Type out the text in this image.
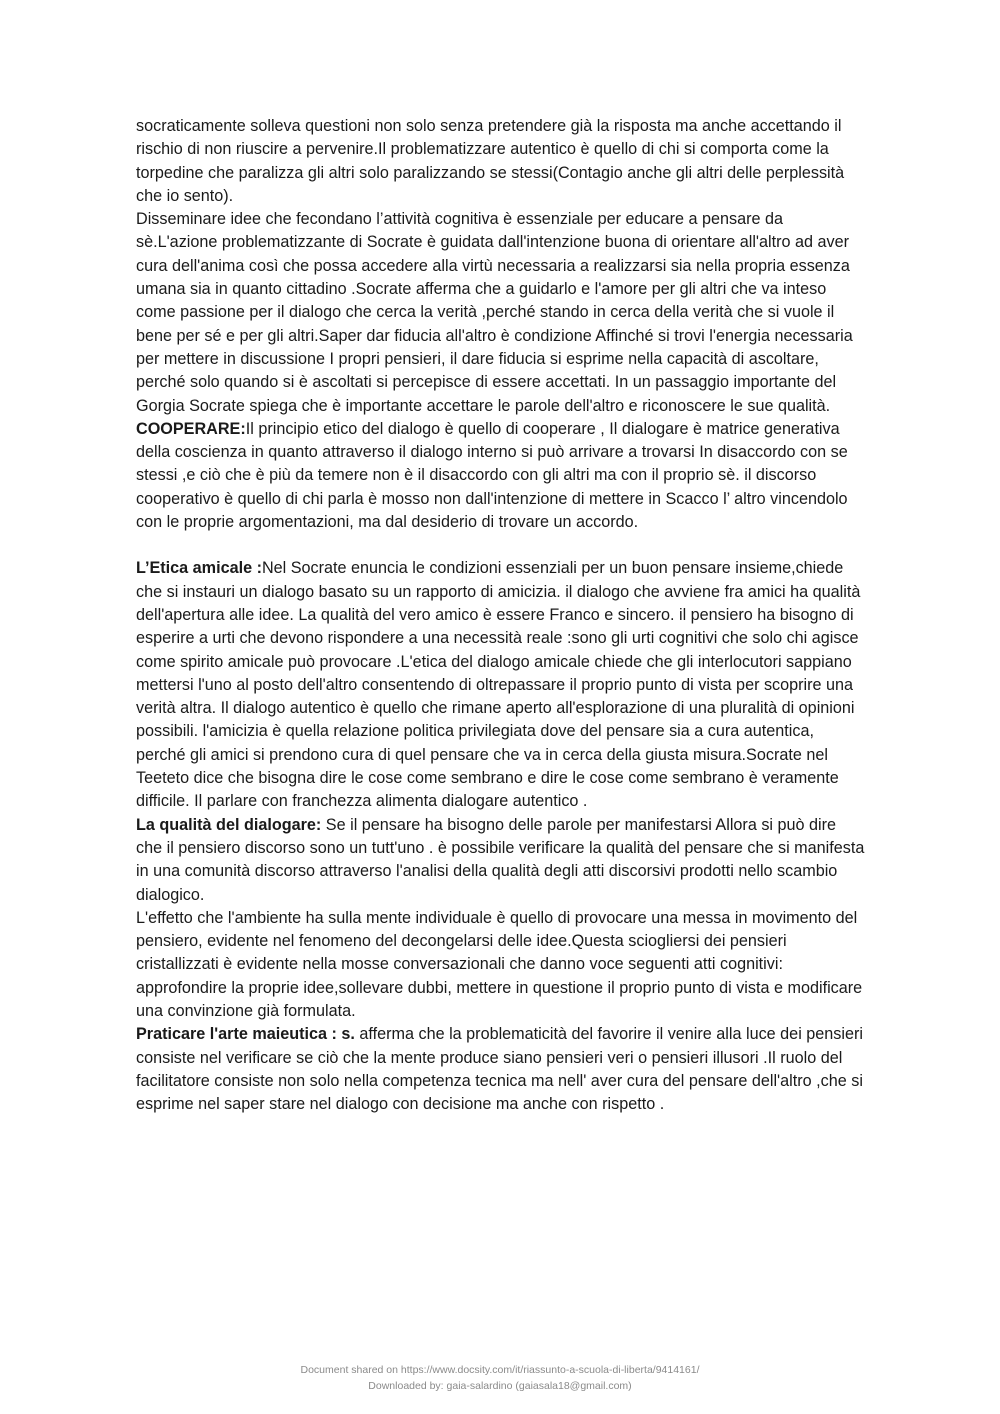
socraticamente solleva questioni non solo senza pretendere già la risposta ma anche accettando il rischio di non riuscire a pervenire.Il problematizzare autentico è quello di chi si comporta come la torpedine che paralizza gli altri solo paralizzando se stessi(Contagio anche gli altri delle perplessità che io sento).

Disseminare idee che fecondano l’attività cognitiva è essenziale per educare a pensare da sè.L'azione problematizzante di Socrate è guidata dall'intenzione buona di orientare all'altro ad aver cura dell'anima così che possa accedere alla virtù necessaria a realizzarsi sia nella propria essenza umana sia in quanto cittadino .Socrate afferma che a guidarlo e l'amore per gli altri che va inteso come passione per il dialogo che cerca la verità ,perché stando in cerca della verità che si vuole il bene per sé e per gli altri.Saper dar fiducia all'altro è condizione Affinché si trovi l'energia necessaria per mettere in discussione I propri pensieri, il dare fiducia si esprime nella capacità di ascoltare, perché solo quando si è ascoltati si percepisce di essere accettati. In un passaggio importante del Gorgia Socrate spiega che è importante accettare le parole dell'altro e riconoscere le sue qualità.

COOPERARE:Il principio etico del dialogo è quello di cooperare , Il dialogare è matrice generativa della coscienza in quanto attraverso il dialogo interno si può arrivare a trovarsi In disaccordo con se stessi ,e ciò che è più da temere non è il disaccordo con gli altri ma con il proprio sè. il discorso cooperativo è quello di chi parla è mosso non dall'intenzione di mettere in Scacco l’ altro vincendolo con le proprie argomentazioni, ma dal desiderio di trovare un accordo.

L’Etica amicale :Nel Socrate enuncia le condizioni essenziali per un buon pensare insieme,chiede che si instauri un dialogo basato su un rapporto di amicizia. il dialogo che avviene fra amici ha qualità dell'apertura alle idee. La qualità del vero amico è essere Franco e sincero. il pensiero ha bisogno di esperire a urti che devono rispondere a una necessità reale :sono gli urti cognitivi che solo chi agisce come spirito amicale può provocare .L'etica del dialogo amicale chiede che gli interlocutori sappiano mettersi l'uno al posto dell'altro consentendo di oltrepassare il proprio punto di vista per scoprire una verità altra. Il dialogo autentico è quello che rimane aperto all'esplorazione di una pluralità di opinioni possibili. l'amicizia è quella relazione politica privilegiata dove del pensare sia a cura autentica, perché gli amici si prendono cura di quel pensare che va in cerca della giusta misura.Socrate nel Teeteto dice che bisogna dire le cose come sembrano e dire le cose come sembrano è veramente difficile. Il parlare con franchezza alimenta dialogare autentico .

La qualità del dialogare: Se il pensare ha bisogno delle parole per manifestarsi Allora si può dire che il pensiero discorso sono un tutt'uno . è possibile verificare la qualità del pensare che si manifesta in una comunità discorso attraverso l'analisi della qualità degli atti discorsivi prodotti nello scambio dialogico.

L'effetto che l'ambiente ha sulla mente individuale è quello di provocare una messa in movimento del pensiero, evidente nel fenomeno del decongelarsi delle idee.Questa sciogliersi dei pensieri cristallizzati è evidente nella mosse conversazionali che danno voce seguenti atti cognitivi: approfondire la proprie idee,sollevare dubbi, mettere in questione il proprio punto di vista e modificare una convinzione già formulata.

Praticare l'arte maieutica : s. afferma che la problematicità del favorire il venire alla luce dei pensieri consiste nel verificare se ciò che la mente produce siano pensieri veri o pensieri illusori .Il ruolo del facilitatore consiste non solo nella competenza tecnica ma nell' aver cura del pensare dell'altro ,che si esprime nel saper stare nel dialogo con decisione ma anche con rispetto .

Document shared on https://www.docsity.com/it/riassunto-a-scuola-di-liberta/9414161/
Downloaded by: gaia-salardino (gaiasala18@gmail.com)
